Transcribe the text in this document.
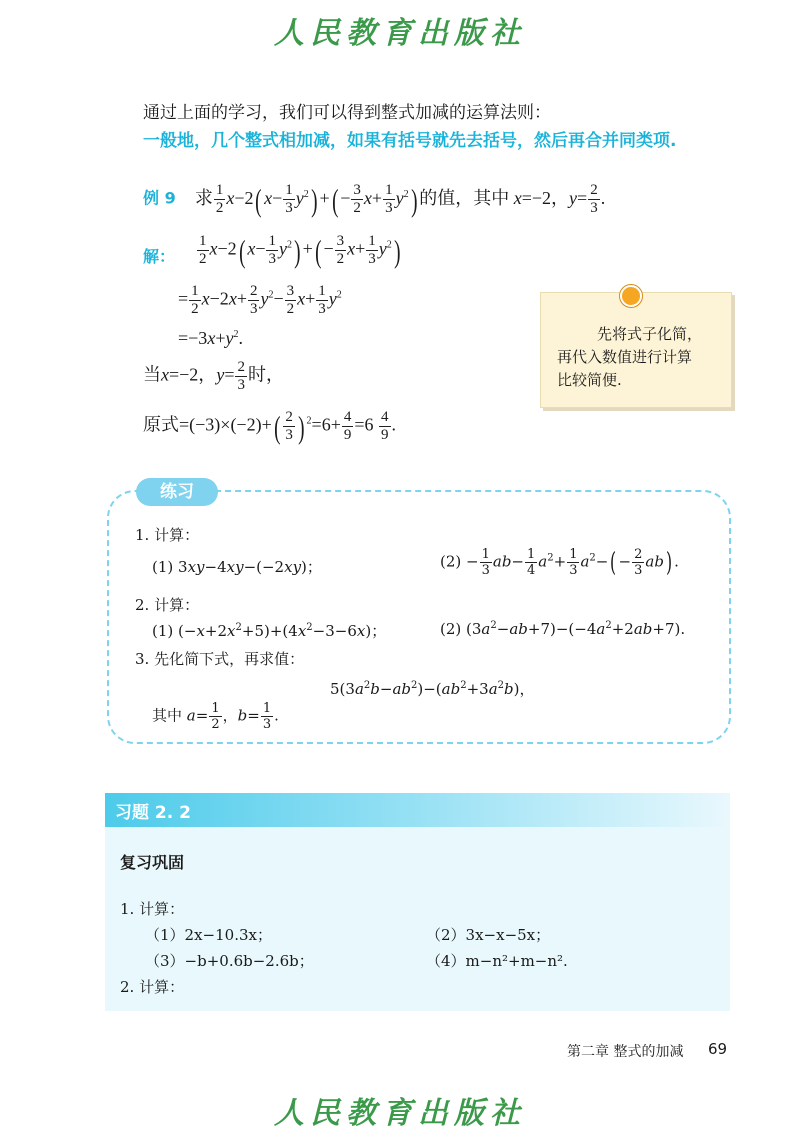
人民教育出版社
人民教育出版社
通过上面的学习，我们可以得到整式加减的运算法则：
一般地，几个整式相加减，如果有括号就先去括号，然后再合并同类项.
例 9 求 $\frac{1}{2} x-2$( $x- \frac{1}{3} y^2$) +( − $\frac{3}{2} x+ \frac{1}{3} y^2$) 的值，其中 x=−2，$y= \frac{2}{3}$ .
解： $\frac{1}{2} x-2$( $x- \frac{1}{3} y^2$) +( − $\frac{3}{2} x+ \frac{1}{3} y^2$)
= $\frac{1}{2} x-2x+ \frac{2}{3} y^2- \frac{3}{2} x+ \frac{1}{3} y^2$
$=-3x+y^2$.
当x=−2，$y= \frac{2}{3}$ 时，
原式$=(-3)\times(-2)+( \frac{2}{3}$ ) $^2=6+ \frac{4}{9} =6 \frac{4}{9}$ .
先将式子化简，
再代入数值进行计算
比较简便.
练习
1. 计算：
(1) 3xy−4xy−(−2xy)；	$(2) - \frac{1}{3} ab- \frac{1}{4} a^2+ \frac{1}{3} a^2-( - \frac{2}{3} ab)$ .
2. 计算：
(1) $(-x+2x^2+5)+(4x^2-3-6x)$；	(2) $(3a^2-ab+7)-(-4a^2+2ab+7)$.
3. 先化简下式，再求值：
$5(3a^2b-ab^2)-(ab^2+3a^2b)$，
其中 $a= \frac{1}{2}$ ，$b= \frac{1}{3}$ .
习题 2. 2
复习巩固
1. 计算：
（1）2x−10.3x；	（2）3x−x−5x；
（3）−b+0.6b−2.6b；	（4）m−n²+m−n².
2. 计算：
第二章 整式的加减 69
